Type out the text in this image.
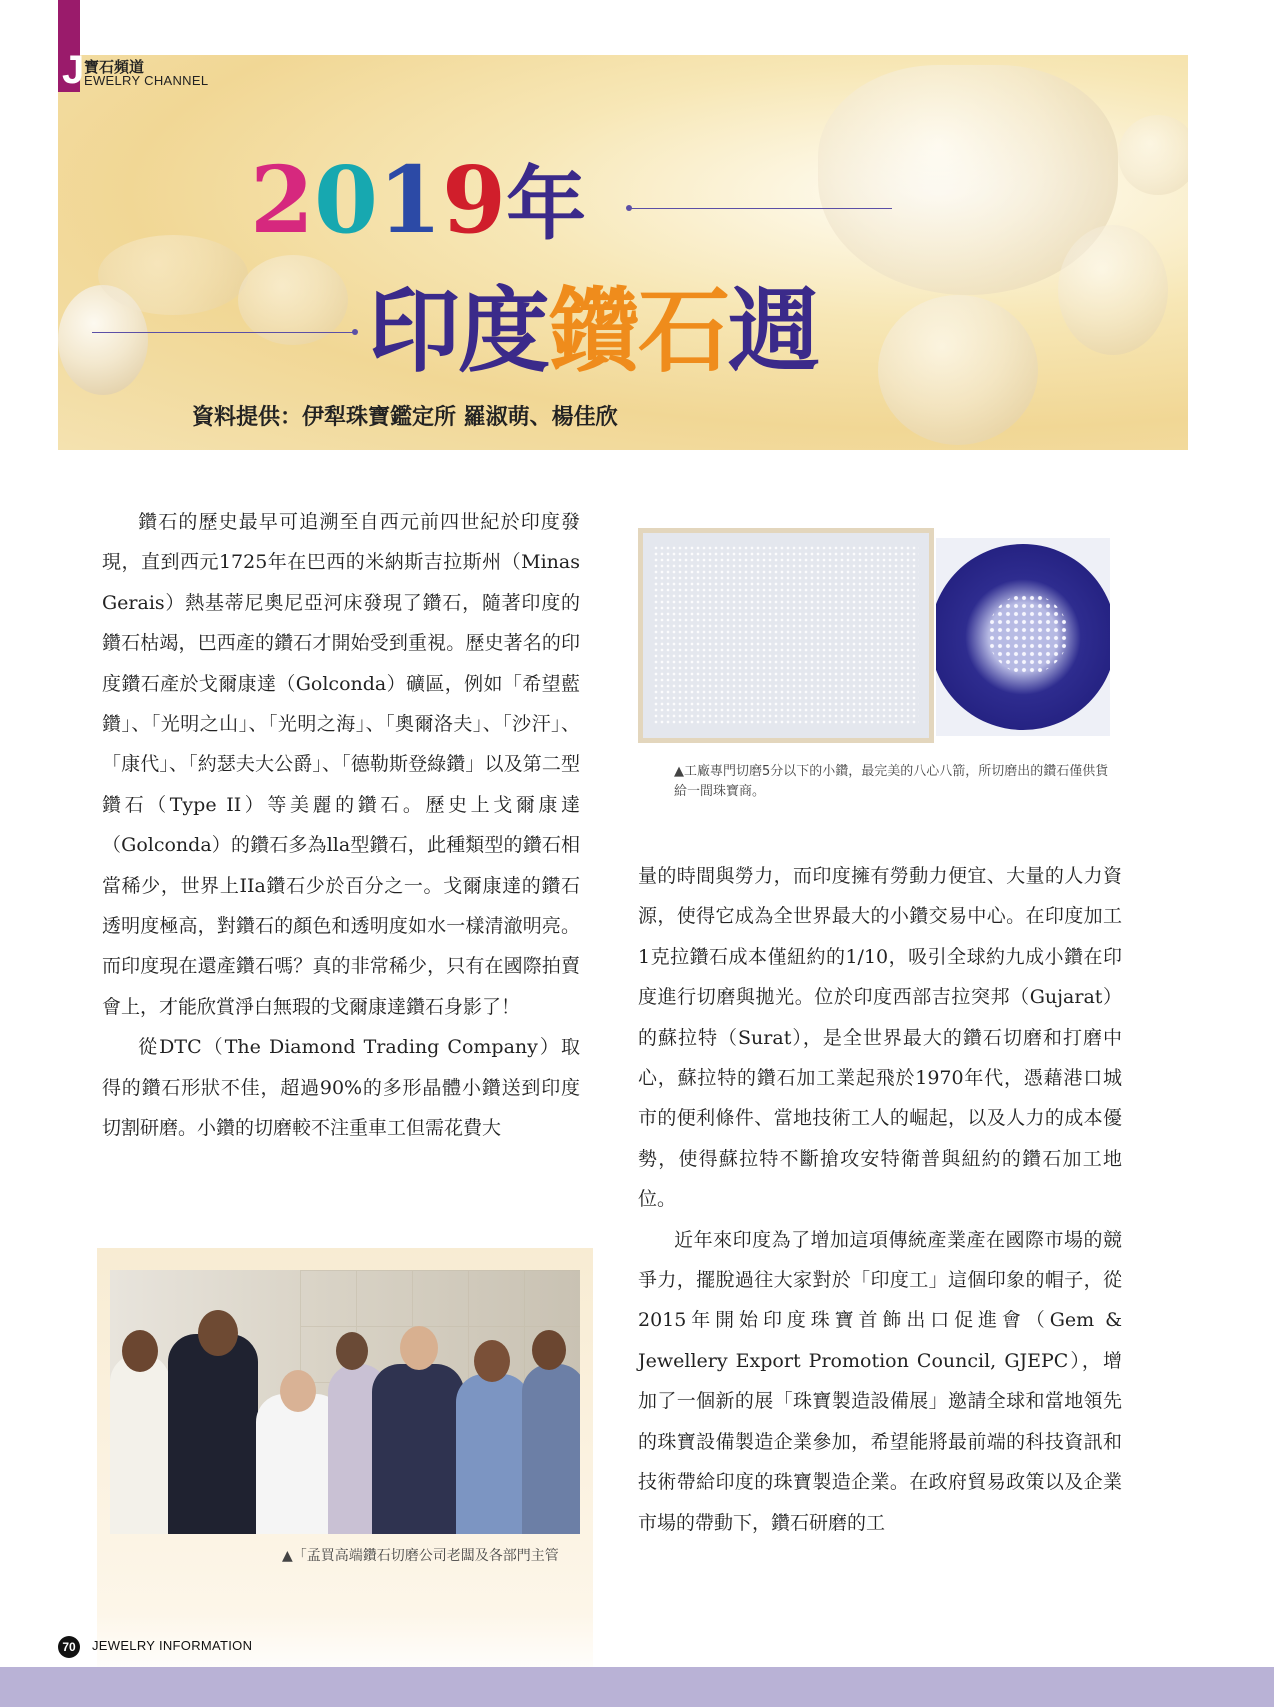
J 寶石頻道
EWELRY CHANNEL
2019年
印度鑽石週
資料提供：伊犁珠寶鑑定所 羅淑萌、楊佳欣

鑽石的歷史最早可追溯至自西元前四世紀於印度發現，直到西元1725年在巴西的米納斯吉拉斯州（Minas Gerais）熱基蒂尼奧尼亞河床發現了鑽石，隨著印度的鑽石枯竭，巴西產的鑽石才開始受到重視。歷史著名的印度鑽石產於戈爾康達（Golconda）礦區，例如「希望藍鑽」、「光明之山」、「光明之海」、「奧爾洛夫」、「沙汗」、「康代」、「約瑟夫大公爵」、「德勒斯登綠鑽」以及第二型鑽石（Type II）等美麗的鑽石。歷史上戈爾康達（Golconda）的鑽石多為lla型鑽石，此種類型的鑽石相當稀少，世界上IIa鑽石少於百分之一。戈爾康達的鑽石透明度極高，對鑽石的顏色和透明度如水一樣清澈明亮。而印度現在還產鑽石嗎？真的非常稀少，只有在國際拍賣會上，才能欣賞淨白無瑕的戈爾康達鑽石身影了！

從DTC（The Diamond Trading Company）取得的鑽石形狀不佳，超過90%的多形晶體小鑽送到印度切割研磨。小鑽的切磨較不注重車工但需花費大

▲工廠專門切磨5分以下的小鑽，最完美的八心八箭，所切磨出的鑽石僅供貨給一間珠寶商。

量的時間與勞力，而印度擁有勞動力便宜、大量的人力資源，使得它成為全世界最大的小鑽交易中心。在印度加工1克拉鑽石成本僅紐約的1/10，吸引全球約九成小鑽在印度進行切磨與拋光。位於印度西部吉拉突邦（Gujarat）的蘇拉特（Surat），是全世界最大的鑽石切磨和打磨中心，蘇拉特的鑽石加工業起飛於1970年代，憑藉港口城市的便利條件、當地技術工人的崛起，以及人力的成本優勢，使得蘇拉特不斷搶攻安特衛普與紐約的鑽石加工地位。

近年來印度為了增加這項傳統產業產在國際市場的競爭力，擺脫過往大家對於「印度工」這個印象的帽子，從2015年開始印度珠寶首飾出口促進會（Gem & Jewellery Export Promotion Council, GJEPC），增加了一個新的展「珠寶製造設備展」邀請全球和當地領先的珠寶設備製造企業參加，希望能將最前端的科技資訊和技術帶給印度的珠寶製造企業。在政府貿易政策以及企業市場的帶動下，鑽石研磨的工

▲「孟買高端鑽石切磨公司老闆及各部門主管
70	JEWELRY INFORMATION
